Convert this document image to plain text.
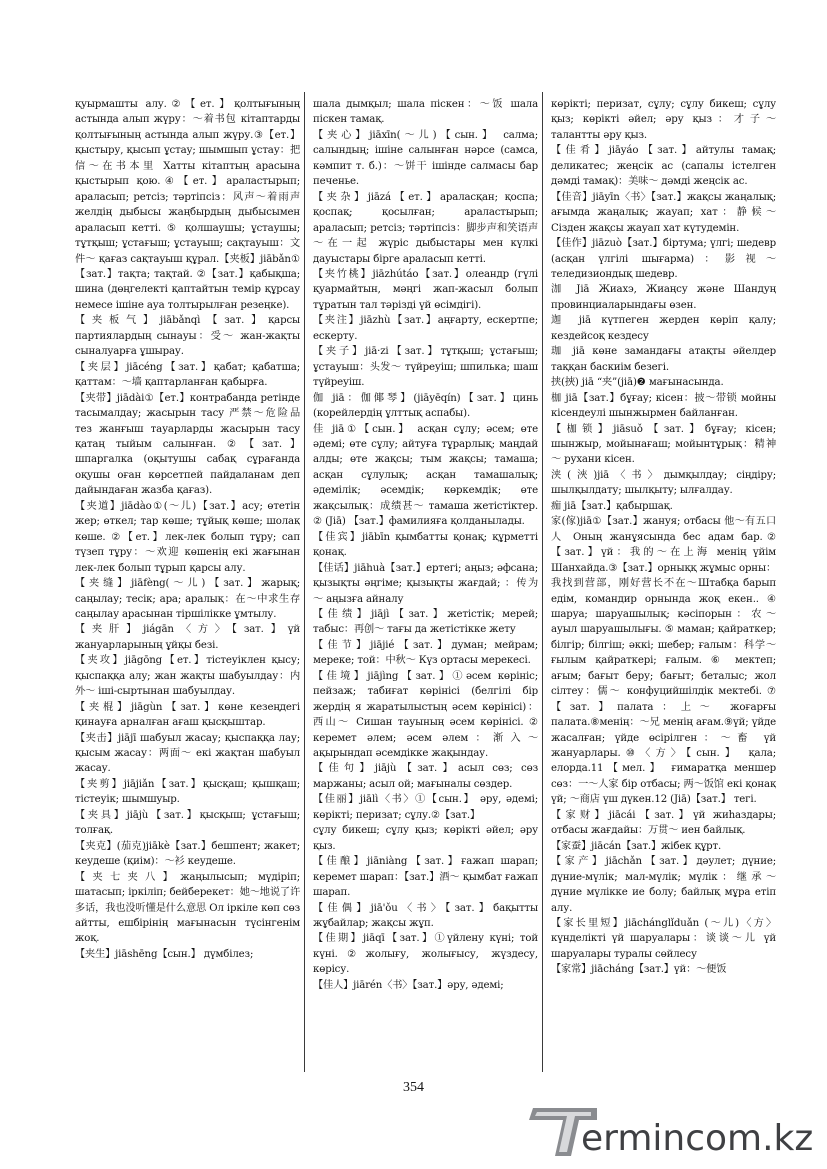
қуырмашты алу.②【ет.】қолтығының астында алып жүру：～着书包 кітаптарды қолтығының астында алып жүру.③【ет.】қыстыру, қысып ұстау; шымшып ұстау：把信～在书本里 Хатты кітаптың арасына қыстырып қою.④【ет.】араластырып; араласып; ретсіз; тәртіпсіз：风声～着雨声 желдің дыбысы жаңбырдың дыбысымен араласып кетті. ⑤ қолшаушы; ұстаушы; тұтқыш; ұстағыш; ұстауыш; сақтауыш：文件～ қағаз сақтауыш құрал.【夹板】jiābǎn① 【зат.】тақта; тақтай. ②【зат.】қабықша; шина (дөңгелекті қаптайтын темір құрсау немесе ішіне ауа толтырылған резеңке).

【夹板气】jiābǎnqì【зат.】қарсы партиялардың сынауы：受～ жан-жақты сыналуарға ұшырау.

【夹层】jiācéng【зат.】қабат; қабатша; қаттам：～墙 қаптарланған қабырға.

【夹带】jiādài①【ет.】контрабанда ретінде тасымалдау; жасырын тасу 严禁～危险品 тез жанғыш тауарларды жасырын тасу қатаң тыйым салынған. ②【зат.】шпаргалка (оқытушы сабақ сұрағанда оқушы оған көрсетпей пайдаланам деп дайындаған жазба қағаз).

【夹道】jiādào①(～儿)【зат.】асу; өтетін жер; өткел; тар көше; тұйық көше; шолақ көше. ②【ет.】лек-лек болып тұру; сап түзеп тұру：～欢迎 көшенің екі жағынан лек-лек болып тұрып қарсы алу.

【夹缝】jiāfèng(～儿)【зат.】жарық; саңылау; тесік; ара; аралық：在～中求生存 саңылау арасынан тіршілікке ұмтылу.

【夹肝】jiágān〈方〉【зат.】үй жануарларының ұйқы безі.

【夹攻】jiāgōng【ет.】тістеуіклен қысу; қыспаққа алу; жан жақты шабуылдау：内外～ іші-сыртынан шабуылдау.

【夹棍】jiāgùn【зат.】көне кезеңдегі қинауға арналған ағаш қысқыштар.

【夹击】jiājī шабуыл жасау; қыспаққа лау; қысым жасау：两面～ екі жақтан шабуыл жасау.

【夹剪】jiājiǎn【зат.】қысқаш; қышқаш; тістеуік; шымшуыр.

【夹具】jiājù【зат.】қысқыш; ұстағыш; толғақ.

【夹克】(茄克)jiākè【зат.】бешпент; жакет; кеудеше (қиім)：～衫 кеудеше.

【夹七夹八】жаңылысып; мүдіріп; шатасып; іркіліп; бейберекет：她～地说了许多话，我也没听懂是什么意思 Ол іркіле көп сөз айтты, ешбірінің мағынасын түсінгенім жоқ.

【夹生】jiāshēng【сын.】 дүмбілез;

шала дымқыл; шала піскен：～饭 шала піскен тамақ.

【夹心】jiāxīn(～儿)【сын.】 салма; салындың; ішіне салынған нәрсе (самса, кәмпит т. б.)：～饼干 ішінде салмасы бар печенье.

【夹杂】jiāzá【ет.】араласқан; қоспа; қоспақ; қосылған; араластырып; араласып; ретсіз; тәртіпсіз：脚步声和笑语声～在一起 жүріс дыбыстары мен күлкі дауыстары бірге араласып кетті.

【夹竹桃】jiāzhútáo【зат.】олеандр (гүлі қуармайтын, мәңгі жап-жасыл болып тұратын тал тәрізді үй өсімдігі).

【夹注】jiāzhù【зат.】аңғарту, ескертпе; ескерту.

【夹子】jiā·zi【зат.】тұтқыш; ұстағыш; ұстауыш：头发～ түйреуіш; шпилька; шаш түйреуіш.

伽 jiā：伽倻琴】(jiāyēqín)【зат.】цинь (корейлердің ұлттық аспабы).

佳 jiā①【сын.】 асқан сұлу; әсем; өте әдемі; өте сұлу; айтуға тұрарлық; маңдай алды; өте жақсы; тым жақсы; тамаша; асқан сұлулық; асқан тамашалық; әдемілік; әсемдік; көркемдік; өте жақсылық：成绩甚～ тамаша жетістіктер. ② (Jiā) 【зат.】фамилияға қолданылады.

【佳宾】jiābīn қымбатты қонақ; құрметті қонақ.

【佳话】jiāhuà【зат.】ертегі; аңыз; әфсана; қызықты әңгіме; қызықты жағдай; ：传为～ аңызға айналу

【佳绩】jiājì【зат.】жетістік; мерей; табыс：再创～ тағы да жетістікке жету

【佳节】jiājié【зат.】думан; мейрам; мереке; той：中秋～ Күз ортасы мерекесі.

【佳境】jiājìng【зат.】①әсем көрініс; пейзаж; табиғат көрінісі (белгілі бір жердің я жаратылыстың әсем көрінісі)：西山～ Сишан тауының әсем көрінісі. ② керемет әлем; әсем әлем：渐入～ ақырындап әсемдікке жақындау.

【佳句】jiājù【зат.】асыл сөз; сөз маржаны; асыл ой; мағыналы сөздер.

【佳丽】jiālì〈书〉①【сын.】 әру, әдемі; көрікті; перизат; сұлу.②【зат.】

сұлу бикеш; сұлу қыз; көрікті әйел; әру қыз.

【佳酿】jiāniàng【зат.】ғажап шарап; керемет шарап：【зат.】酒～ қымбат ғажап шарап.

【佳偶】jiā'ǒu〈书〉【зат.】бақытты жұбайлар; жақсы жұп.

【佳期】jiāqī【зат.】①үйлену күні; той күні.②жолығу, жолығысу, жүздесу, көрісу.

【佳人】jiārén〈书〉【зат.】әру, әдемі;

көрікті; перизат, сұлу; сұлу бикеш; сұлу қыз; көрікті әйел; әру қыз：才子～ талантты әру қыз.

【佳肴】jiāyáo【зат.】айтулы тамақ; деликатес; жеңсік ас (сапалы істелген дәмді тамақ)：美味～ дәмді жеңсік ас.

【佳音】jiāyīn〈书〉【зат.】жақсы жаңалық; ағымда жаңалық; жауап; хат：静候～ Сізден жақсы жауап хат күтудемін.

【佳作】jiāzuò【зат.】біртума; үлгі; шедевр (асқан үлгілі шығарма)：影视～ теледизиондық шедевр.

泇 Jiā Жиахэ, Жиаңсу және Шандуң провинциаларындағы өзен.

迦 jiā күтпеген жерден көріп қалу; кездейсоқ кездесу

珈 jiā көне замандағы атақты әйелдер таққан баскиім безегі.

挟(挾) jiā “夹”(jiā)❷ мағынасында.

枷 jiā【зат.】бұғау; кісен：披～带锁 мойны кісендеулі шынжырмен байланған.

【枷锁】jiāsuǒ【зат.】бұғау; кісен; шынжыр, мойынағаш; мойынтұрық：精神～ рухани кісен.

浃(浹)jiā〈书〉дымқылдау; сіңдіру; шылқылдату; шылқыту; ылғалдау.

痂 jiā【зат.】қабыршақ.

家(傢)jiā①【зат.】жануя; отбасы 他～有五口人 Оның жанұясында бес адам бар.②【зат.】үй：我的～在上海 менің үйім Шанхайда.③【зат.】орныққ жұмыс орны：我找到营部，刚好营长不在～Штабқа барып едім, командир орнында жоқ екен.. ④ шаруа; шаруашылық; кәсіпорын：农～ ауыл шаруашылығы. ⑤ маман; қайраткер; білгір; білгіш; әккі; шебер; ғалым：科学～ ғылым қайраткері; ғалым. ⑥ мектеп; ағым; бағыт беру; бағыт; беталыс; жол сілтеу：儒～ конфуцийшілдік мектебі. ⑦【зат.】палата：上～ жоғарғы палата.⑧менің：～兄 менің ағам.⑨үй; үйде жасалған; үйде өсірілген：～畜 үй жануарлары.⑩〈方〉【сын.】 қала; елорда.11【мел.】 ғимаратқа меншер сөз：一～人家 бір отбасы; 两～饭馆 екі қонақ үй; ～商店 үш дүкен.12 (Jiā)【зат.】 тегі.

【家财】jiācái【зат.】үй жиһаздары; отбасы жағдайы：万贯～ иен байлық.

【家蚕】jiācán【зат.】жібек құрт.

【家产】jiāchǎn【зат.】дәулет; дүние; дүние-мүлік; мал-мүлік; мүлік：继承～ дүние мүлікке ие болу; байлық мұра етіп алу.

【家长里短】jiāchánglǐduǎn (～儿)〈方〉күнделікті үй шаруалары：谈谈～儿 үй шаруалары туралы сөйлесу

【家常】jiācháng【зат.】үй：～便饭

354
ermincom.kz
